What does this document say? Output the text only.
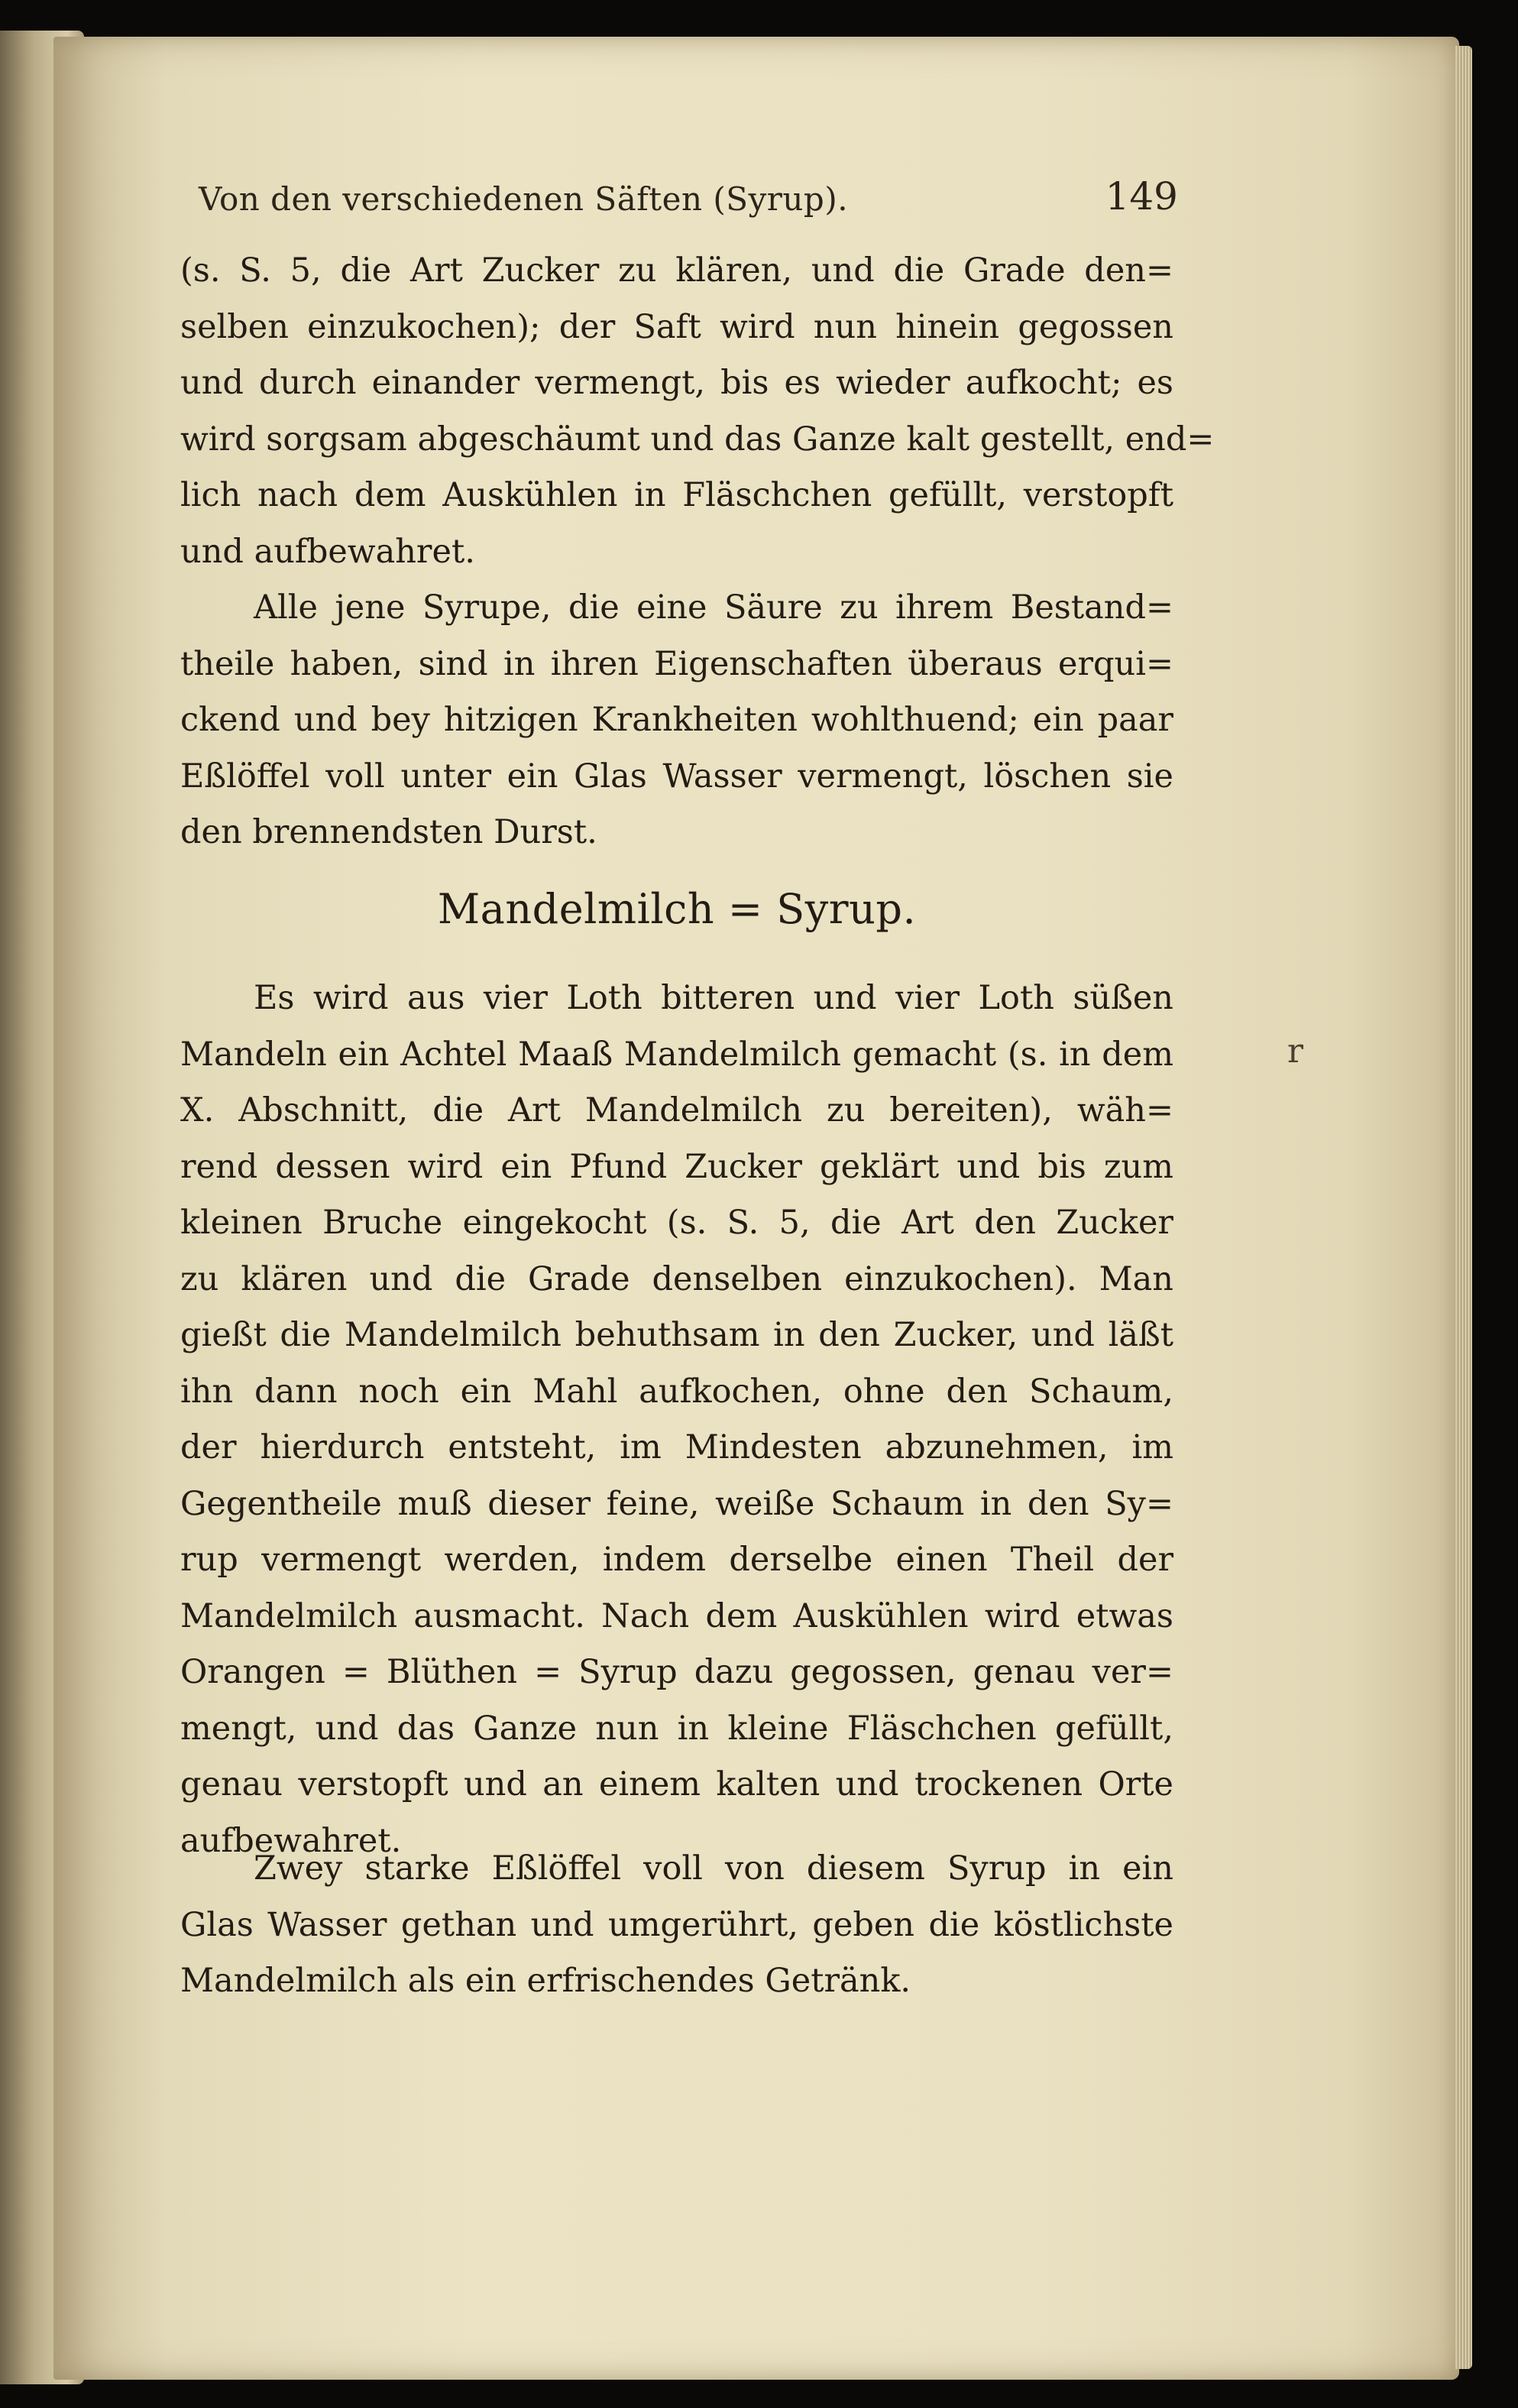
Von den verschiedenen Säften (Syrup).	149
(s. S. 5, die Art Zucker zu klären, und die Grade den=
selben einzukochen); der Saft wird nun hinein gegossen
und durch einander vermengt, bis es wieder aufkocht; es
wird sorgsam abgeschäumt und das Ganze kalt gestellt, end=
lich nach dem Auskühlen in Fläschchen gefüllt, verstopft
und aufbewahret.
Alle jene Syrupe, die eine Säure zu ihrem Bestand=
theile haben, sind in ihren Eigenschaften überaus erqui=
ckend und bey hitzigen Krankheiten wohlthuend; ein paar
Eßlöffel voll unter ein Glas Wasser vermengt, löschen sie
den brennendsten Durst.
Mandelmilch = Syrup.
Es wird aus vier Loth bitteren und vier Loth süßen
Mandeln ein Achtel Maaß Mandelmilch gemacht (s. in dem
X. Abschnitt, die Art Mandelmilch zu bereiten), wäh=
rend dessen wird ein Pfund Zucker geklärt und bis zum
kleinen Bruche eingekocht (s. S. 5, die Art den Zucker
zu klären und die Grade denselben einzukochen). Man
gießt die Mandelmilch behuthsam in den Zucker, und läßt
ihn dann noch ein Mahl aufkochen, ohne den Schaum,
der hierdurch entsteht, im Mindesten abzunehmen, im
Gegentheile muß dieser feine, weiße Schaum in den Sy=
rup vermengt werden, indem derselbe einen Theil der
Mandelmilch ausmacht. Nach dem Auskühlen wird etwas
Orangen = Blüthen = Syrup dazu gegossen, genau ver=
mengt, und das Ganze nun in kleine Fläschchen gefüllt,
genau verstopft und an einem kalten und trockenen Orte
aufbewahret.
Zwey starke Eßlöffel voll von diesem Syrup in ein
Glas Wasser gethan und umgerührt, geben die köstlichste
Mandelmilch als ein erfrischendes Getränk.
r
